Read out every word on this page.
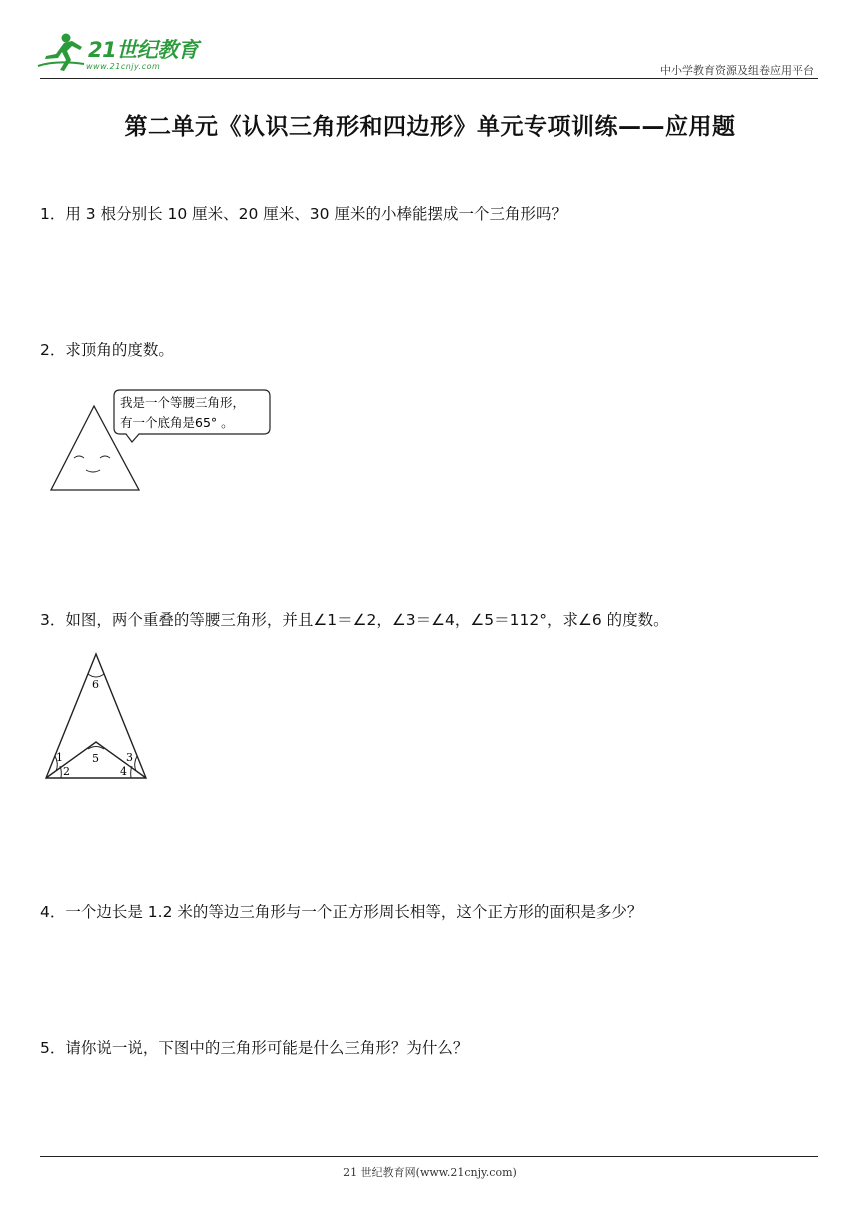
21世纪教育
www.21cnjy.com	中小学教育资源及组卷应用平台
第二单元《认识三角形和四边形》单元专项训练——应用题
1．用 3 根分别长 10 厘米、20 厘米、30 厘米的小棒能摆成一个三角形吗？
2．求顶角的度数。
我是一个等腰三角形，
有一个底角是65° 。
3．如图，两个重叠的等腰三角形，并且∠1＝∠2，∠3＝∠4，∠5＝112°，求∠6 的度数。
6
5
1
2
3
4
4．一个边长是 1.2 米的等边三角形与一个正方形周长相等，这个正方形的面积是多少？
5．请你说一说，下图中的三角形可能是什么三角形？为什么？
21 世纪教育网(www.21cnjy.com)
